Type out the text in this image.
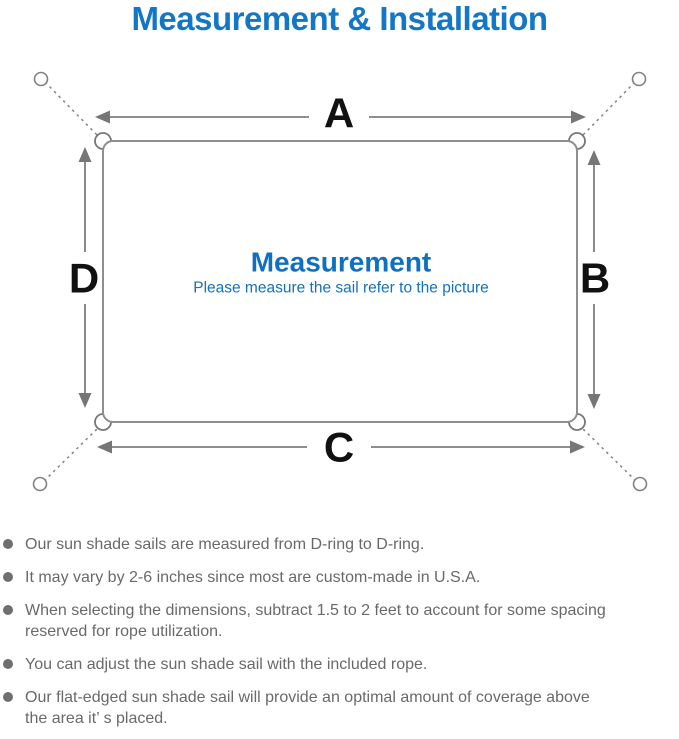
Measurement & Installation
A
C
D	B
Measurement
Please measure the sail refer to the picture
Our sun shade sails are measured from D-ring to D-ring.
It may vary by 2-6 inches since most are custom-made in U.S.A.
When selecting the dimensions, subtract 1.5 to 2 feet to account for some spacing
reserved for rope utilization.
You can adjust the sun shade sail with the included rope.
Our flat-edged sun shade sail will provide an optimal amount of coverage above
the area it’ s placed.
